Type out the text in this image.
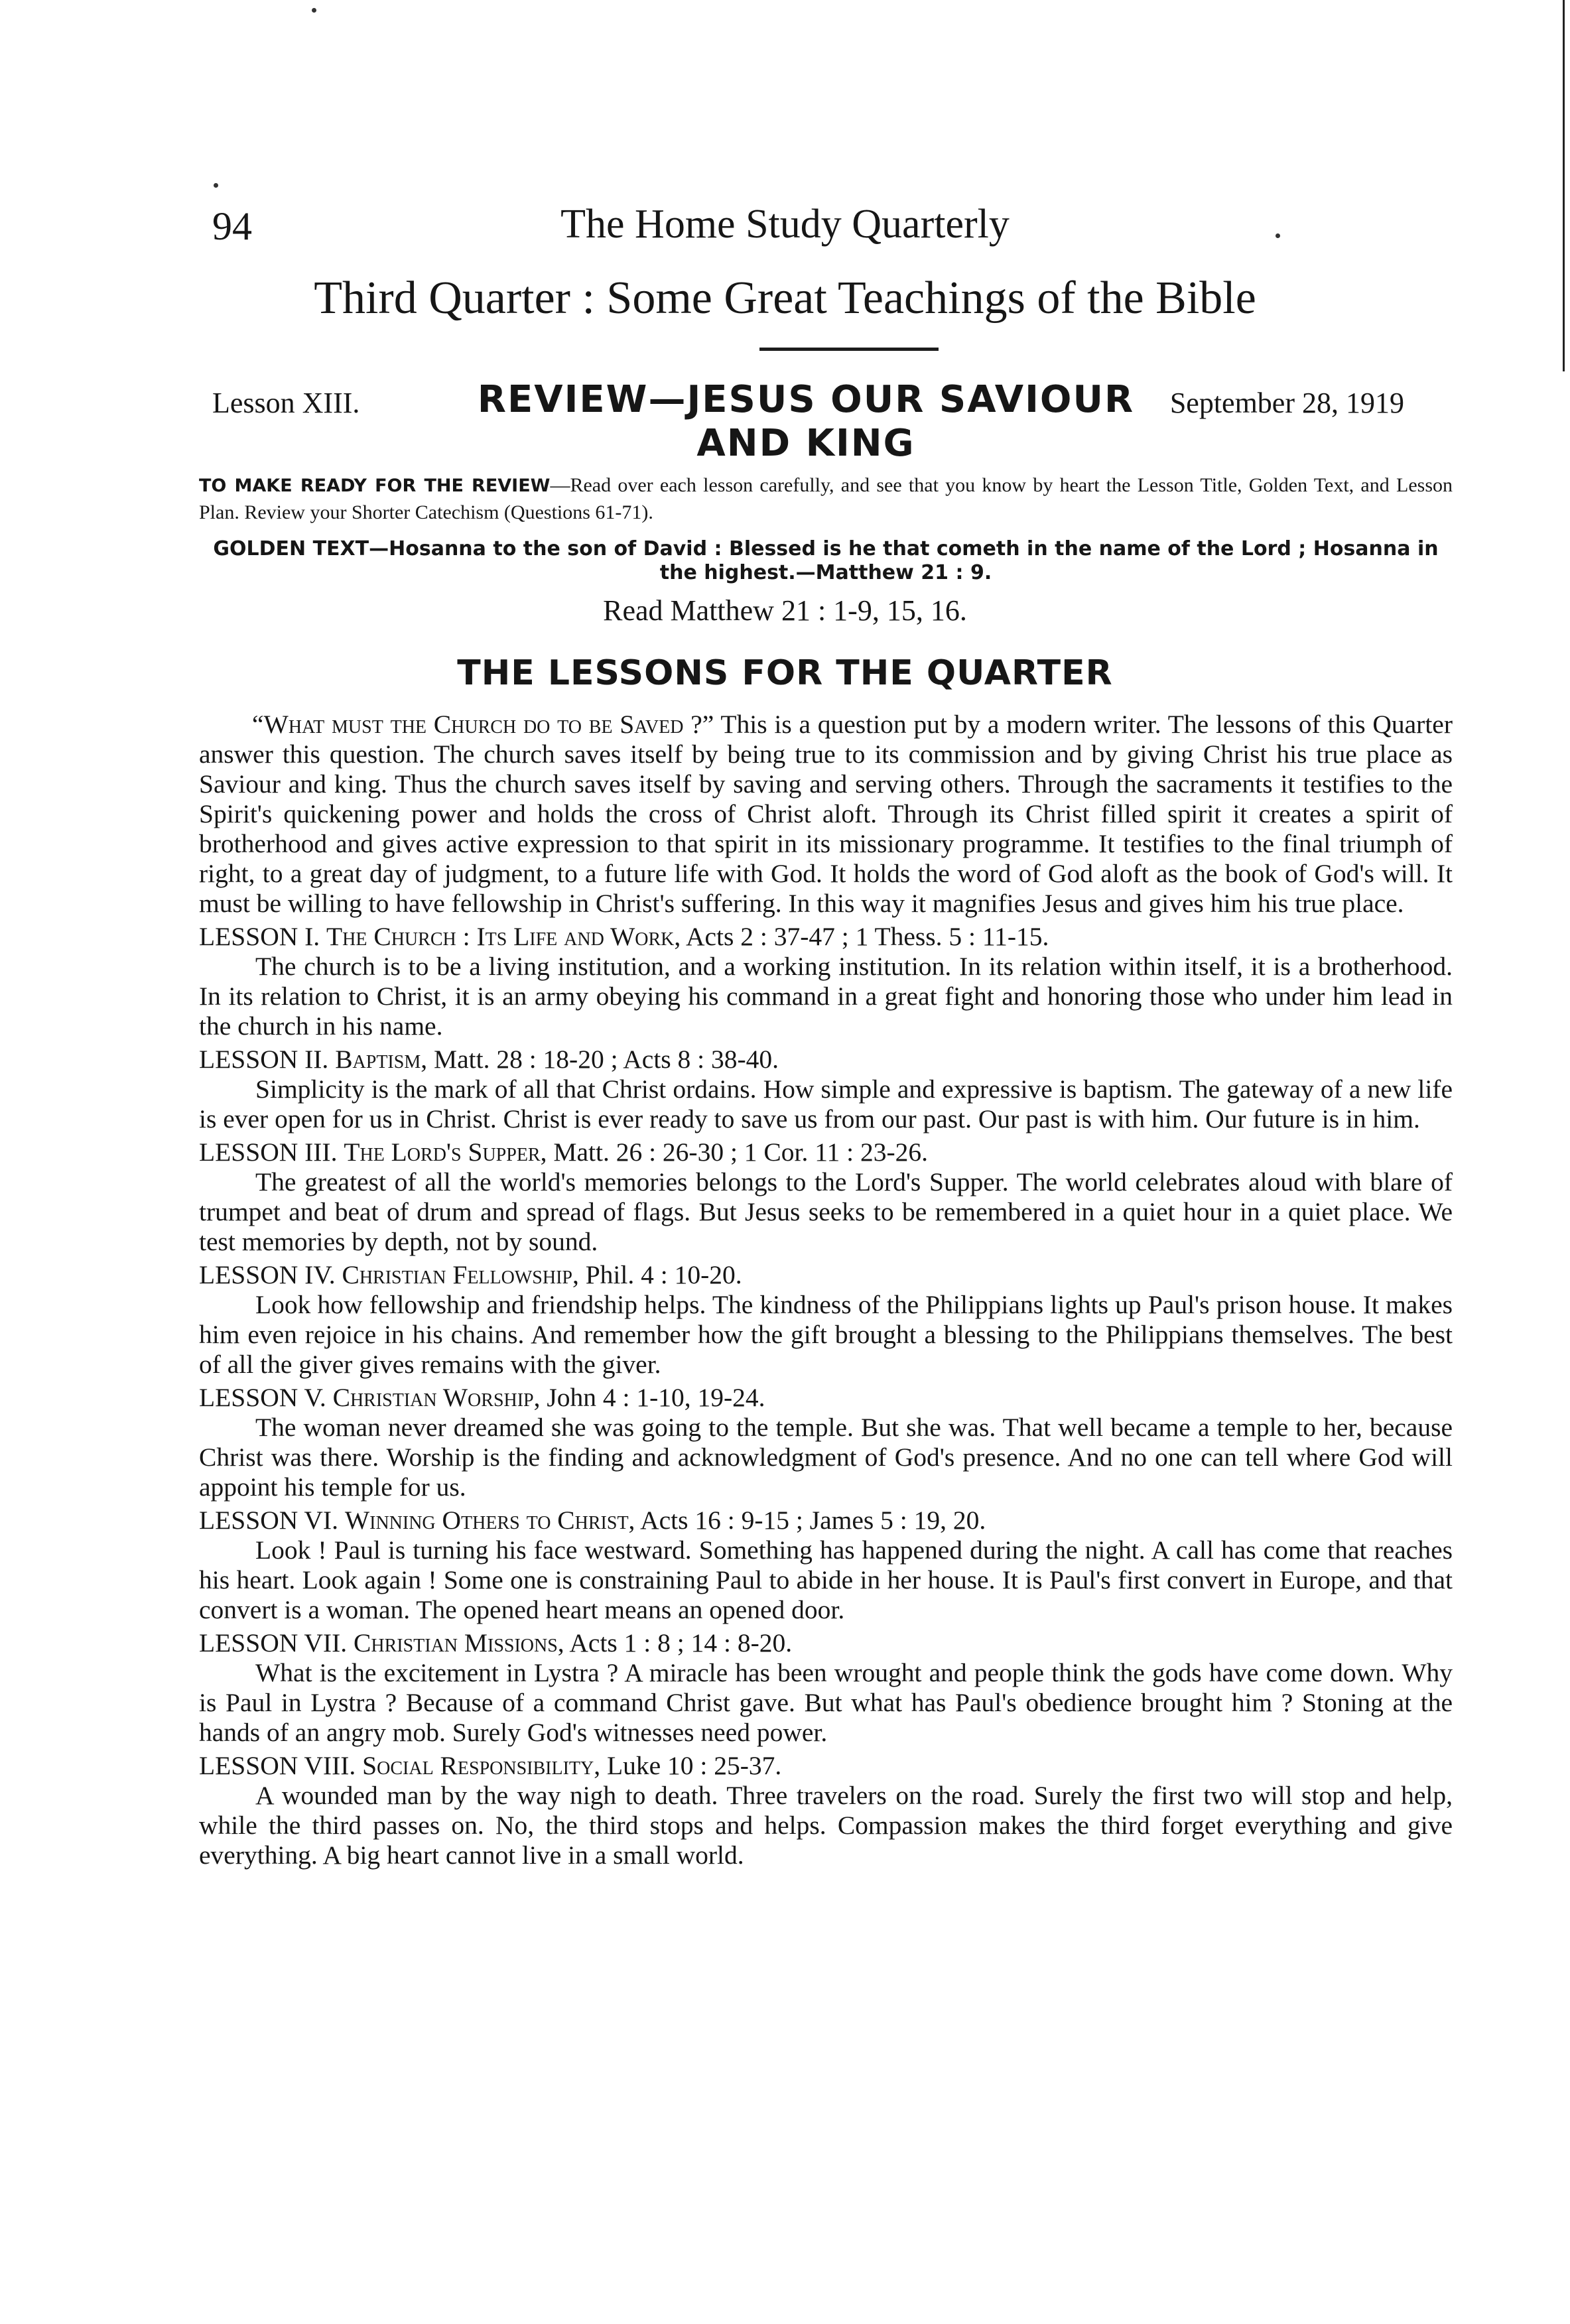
94	The Home Study Quarterly
Third Quarter : Some Great Teachings of the Bible
Lesson XIII.	REVIEW—JESUS OUR SAVIOUR
AND KING
September 28, 1919
TO MAKE READY FOR THE REVIEW—Read over each lesson carefully, and see that you know by heart the Lesson Title, Golden Text, and Lesson Plan. Review your Shorter Catechism (Questions 61-71).
GOLDEN TEXT—Hosanna to the son of David : Blessed is he that cometh in the name of the Lord ; Hosanna in the highest.—Matthew 21 : 9.
Read Matthew 21 : 1-9, 15, 16.
THE LESSONS FOR THE QUARTER

“What must the Church do to be Saved ?” This is a question put by a modern writer. The lessons of this Quarter answer this question. The church saves itself by being true to its commission and by giving Christ his true place as Saviour and king. Thus the church saves itself by saving and serving others. Through the sacraments it testifies to the Spirit's quickening power and holds the cross of Christ aloft. Through its Christ filled spirit it creates a spirit of brotherhood and gives active expression to that spirit in its missionary programme. It testifies to the final triumph of right, to a great day of judgment, to a future life with God. It holds the word of God aloft as the book of God's will. It must be willing to have fellowship in Christ's suffering. In this way it magnifies Jesus and gives him his true place.

LESSON I. The Church : Its Life and Work, Acts 2 : 37-47 ; 1 Thess. 5 : 11-15.

The church is to be a living institution, and a working institution. In its relation within itself, it is a brotherhood. In its relation to Christ, it is an army obeying his command in a great fight and honoring those who under him lead in the church in his name.

LESSON II. Baptism, Matt. 28 : 18-20 ; Acts 8 : 38-40.

Simplicity is the mark of all that Christ ordains. How simple and expressive is baptism. The gateway of a new life is ever open for us in Christ. Christ is ever ready to save us from our past. Our past is with him. Our future is in him.

LESSON III. The Lord's Supper, Matt. 26 : 26-30 ; 1 Cor. 11 : 23-26.

The greatest of all the world's memories belongs to the Lord's Supper. The world celebrates aloud with blare of trumpet and beat of drum and spread of flags. But Jesus seeks to be remembered in a quiet hour in a quiet place. We test memories by depth, not by sound.

LESSON IV. Christian Fellowship, Phil. 4 : 10-20.

Look how fellowship and friendship helps. The kindness of the Philippians lights up Paul's prison house. It makes him even rejoice in his chains. And remember how the gift brought a blessing to the Philippians themselves. The best of all the giver gives remains with the giver.

LESSON V. Christian Worship, John 4 : 1-10, 19-24.

The woman never dreamed she was going to the temple. But she was. That well became a temple to her, because Christ was there. Worship is the finding and acknowledgment of God's presence. And no one can tell where God will appoint his temple for us.

LESSON VI. Winning Others to Christ, Acts 16 : 9-15 ; James 5 : 19, 20.

Look ! Paul is turning his face westward. Something has happened during the night. A call has come that reaches his heart. Look again ! Some one is constraining Paul to abide in her house. It is Paul's first convert in Europe, and that convert is a woman. The opened heart means an opened door.

LESSON VII. Christian Missions, Acts 1 : 8 ; 14 : 8-20.

What is the excitement in Lystra ? A miracle has been wrought and people think the gods have come down. Why is Paul in Lystra ? Because of a command Christ gave. But what has Paul's obedience brought him ? Stoning at the hands of an angry mob. Surely God's witnesses need power.

LESSON VIII. Social Responsibility, Luke 10 : 25-37.

A wounded man by the way nigh to death. Three travelers on the road. Surely the first two will stop and help, while the third passes on. No, the third stops and helps. Compassion makes the third forget everything and give everything. A big heart cannot live in a small world.
